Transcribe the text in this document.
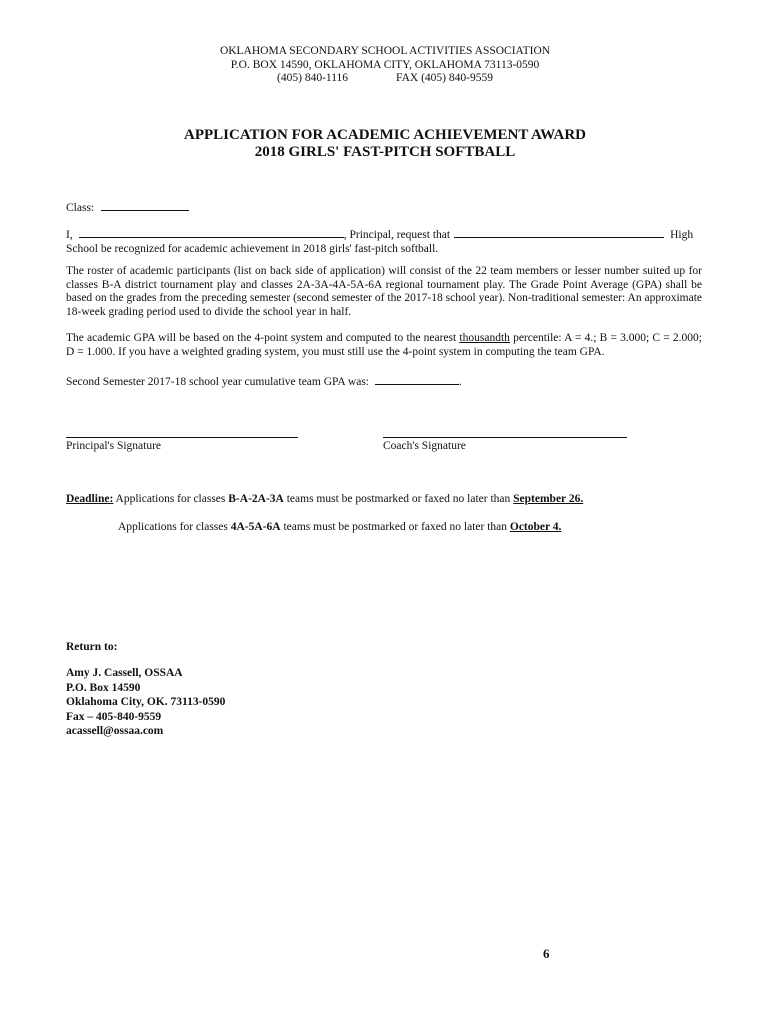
OKLAHOMA SECONDARY SCHOOL ACTIVITIES ASSOCIATION
P.O. BOX 14590, OKLAHOMA CITY, OKLAHOMA 73113-0590
(405) 840-1116	FAX (405) 840-9559
APPLICATION FOR ACADEMIC ACHIEVEMENT AWARD
2018 GIRLS' FAST-PITCH SOFTBALL
Class:
I,	, Principal, request that	High
School be recognized for academic achievement in 2018 girls' fast-pitch softball.
The roster of academic participants (list on back side of application) will consist of the 22 team members or lesser number suited up for classes B-A district tournament play and classes 2A-3A-4A-5A-6A regional tournament play. The Grade Point Average (GPA) shall be based on the grades from the preceding semester (second semester of the 2017-18 school year). Non-traditional semester: An approximate 18-week grading period used to divide the school year in half.
The academic GPA will be based on the 4-point system and computed to the nearest thousandth percentile: A = 4.; B = 3.000; C = 2.000; D = 1.000. If you have a weighted grading system, you must still use the 4-point system in computing the team GPA.
Second Semester 2017-18 school year cumulative team GPA was:	.
Principal's Signature	Coach's Signature
Deadline: Applications for classes B-A-2A-3A teams must be postmarked or faxed no later than September 26.
Applications for classes 4A-5A-6A teams must be postmarked or faxed no later than October 4.
Return to:
Amy J. Cassell, OSSAA
P.O. Box 14590
Oklahoma City, OK. 73113-0590
Fax – 405-840-9559
acassell@ossaa.com
6
